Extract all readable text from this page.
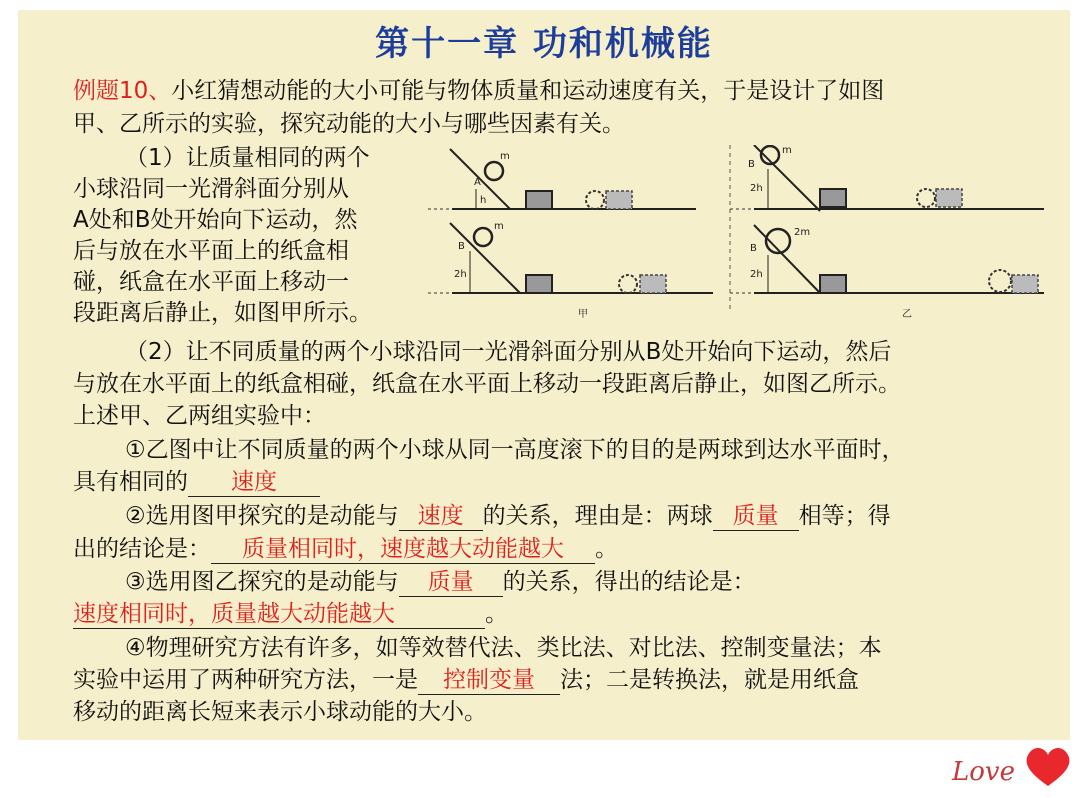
第十一章 功和机械能
例题10、小红猜想动能的大小可能与物体质量和运动速度有关，于是设计了如图
甲、乙所示的实验，探究动能的大小与哪些因素有关。
（1）让质量相同的两个
小球沿同一光滑斜面分别从
A处和B处开始向下运动，然
后与放在水平面上的纸盒相
碰，纸盒在水平面上移动一
段距离后静止，如图甲所示。
m
A
h
m
B
2h
甲
m
B
2h
2m
B
2h
乙
（2）让不同质量的两个小球沿同一光滑斜面分别从B处开始向下运动，然后
与放在水平面上的纸盒相碰，纸盒在水平面上移动一段距离后静止，如图乙所示。
上述甲、乙两组实验中：
①乙图中让不同质量的两个小球从同一高度滚下的目的是两球到达水平面时，
具有相同的 速度
②选用图甲探究的是动能与 速度 的关系，理由是：两球 质量 相等；得
出的结论是： 质量相同时，速度越大动能越大 。
③选用图乙探究的是动能与 质量 的关系，得出的结论是：
速度相同时，质量越大动能越大	。
④物理研究方法有许多，如等效替代法、类比法、对比法、控制变量法；本
实验中运用了两种研究方法，一是 控制变量 法；二是转换法，就是用纸盒
移动的距离长短来表示小球动能的大小。
Love
